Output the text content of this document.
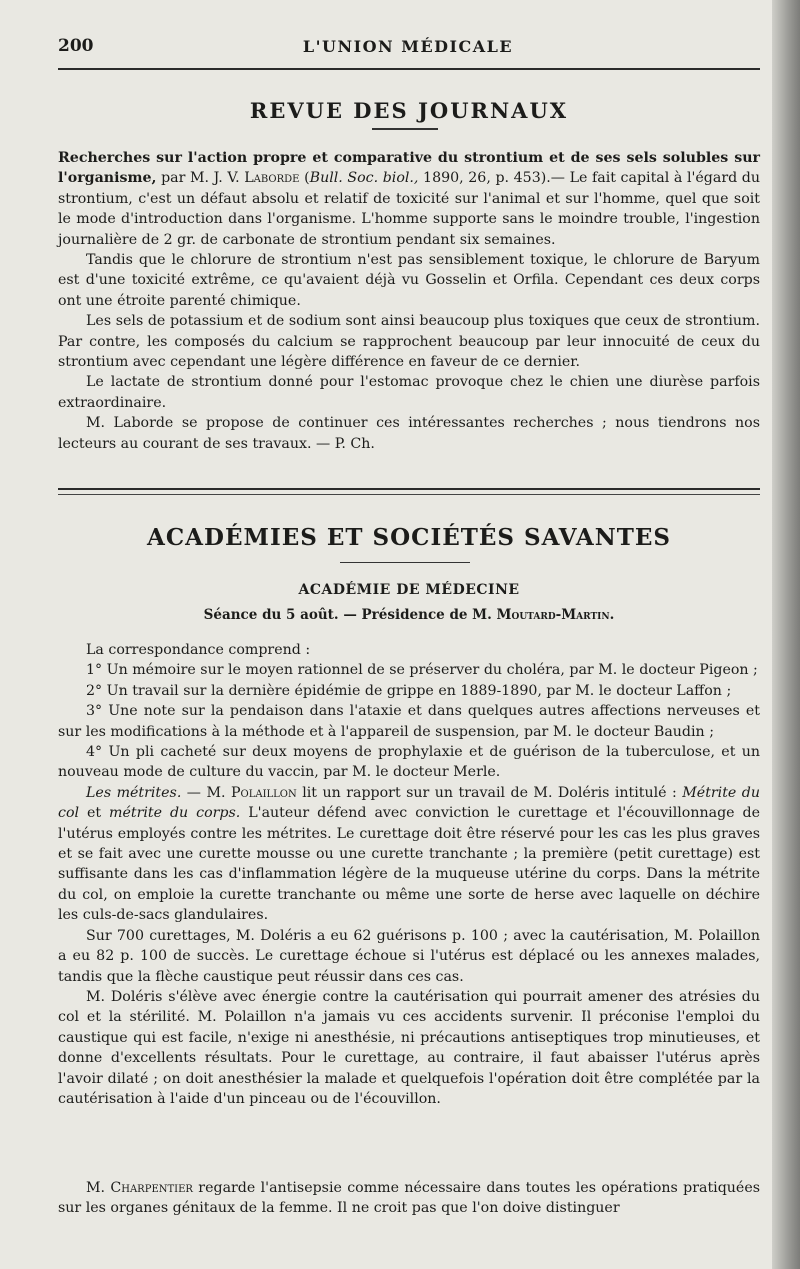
200	L'UNION MÉDICALE
REVUE DES JOURNAUX

Recherches sur l'action propre et comparative du strontium et de ses sels solubles sur l'organisme, par M. J. V. Laborde (Bull. Soc. biol., 1890, 26, p. 453).— Le fait capital à l'égard du strontium, c'est un défaut absolu et relatif de toxicité sur l'animal et sur l'homme, quel que soit le mode d'introduction dans l'organisme. L'homme supporte sans le moindre trouble, l'ingestion journalière de 2 gr. de carbonate de strontium pendant six semaines.

Tandis que le chlorure de strontium n'est pas sensiblement toxique, le chlorure de Baryum est d'une toxicité extrême, ce qu'avaient déjà vu Gosselin et Orfila. Cependant ces deux corps ont une étroite parenté chimique.

Les sels de potassium et de sodium sont ainsi beaucoup plus toxiques que ceux de strontium. Par contre, les composés du calcium se rapprochent beaucoup par leur innocuité de ceux du strontium avec cependant une légère différence en faveur de ce dernier.

Le lactate de strontium donné pour l'estomac provoque chez le chien une diurèse parfois extraordinaire.

M. Laborde se propose de continuer ces intéressantes recherches ; nous tiendrons nos lecteurs au courant de ses travaux. — P. Ch.

ACADÉMIES ET SOCIÉTÉS SAVANTES
ACADÉMIE DE MÉDECINE
Séance du 5 août. — Présidence de M. Moutard-Martin.

La correspondance comprend :

1° Un mémoire sur le moyen rationnel de se préserver du choléra, par M. le docteur Pigeon ;

2° Un travail sur la dernière épidémie de grippe en 1889-1890, par M. le docteur Laffon ;

3° Une note sur la pendaison dans l'ataxie et dans quelques autres affections nerveuses et sur les modifications à la méthode et à l'appareil de suspension, par M. le docteur Baudin ;

4° Un pli cacheté sur deux moyens de prophylaxie et de guérison de la tuberculose, et un nouveau mode de culture du vaccin, par M. le docteur Merle.

Les métrites. — M. Polaillon lit un rapport sur un travail de M. Doléris intitulé : Métrite du col et métrite du corps. L'auteur défend avec conviction le curettage et l'écouvillonnage de l'utérus employés contre les métrites. Le curettage doit être réservé pour les cas les plus graves et se fait avec une curette mousse ou une curette tranchante ; la première (petit curettage) est suffisante dans les cas d'inflammation légère de la muqueuse utérine du corps. Dans la métrite du col, on emploie la curette tranchante ou même une sorte de herse avec laquelle on déchire les culs-de-sacs glandulaires.

Sur 700 curettages, M. Doléris a eu 62 guérisons p. 100 ; avec la cautérisation, M. Polaillon a eu 82 p. 100 de succès. Le curettage échoue si l'utérus est déplacé ou les annexes malades, tandis que la flèche caustique peut réussir dans ces cas.

M. Doléris s'élève avec énergie contre la cautérisation qui pourrait amener des atrésies du col et la stérilité. M. Polaillon n'a jamais vu ces accidents survenir. Il préconise l'emploi du caustique qui est facile, n'exige ni anesthésie, ni précautions antiseptiques trop minutieuses, et donne d'excellents résultats. Pour le curettage, au contraire, il faut abaisser l'utérus après l'avoir dilaté ; on doit anesthésier la malade et quelquefois l'opération doit être complétée par la cautérisation à l'aide d'un pinceau ou de l'écouvillon.

M. Charpentier regarde l'antisepsie comme nécessaire dans toutes les opérations pratiquées sur les organes génitaux de la femme. Il ne croit pas que l'on doive distinguer
